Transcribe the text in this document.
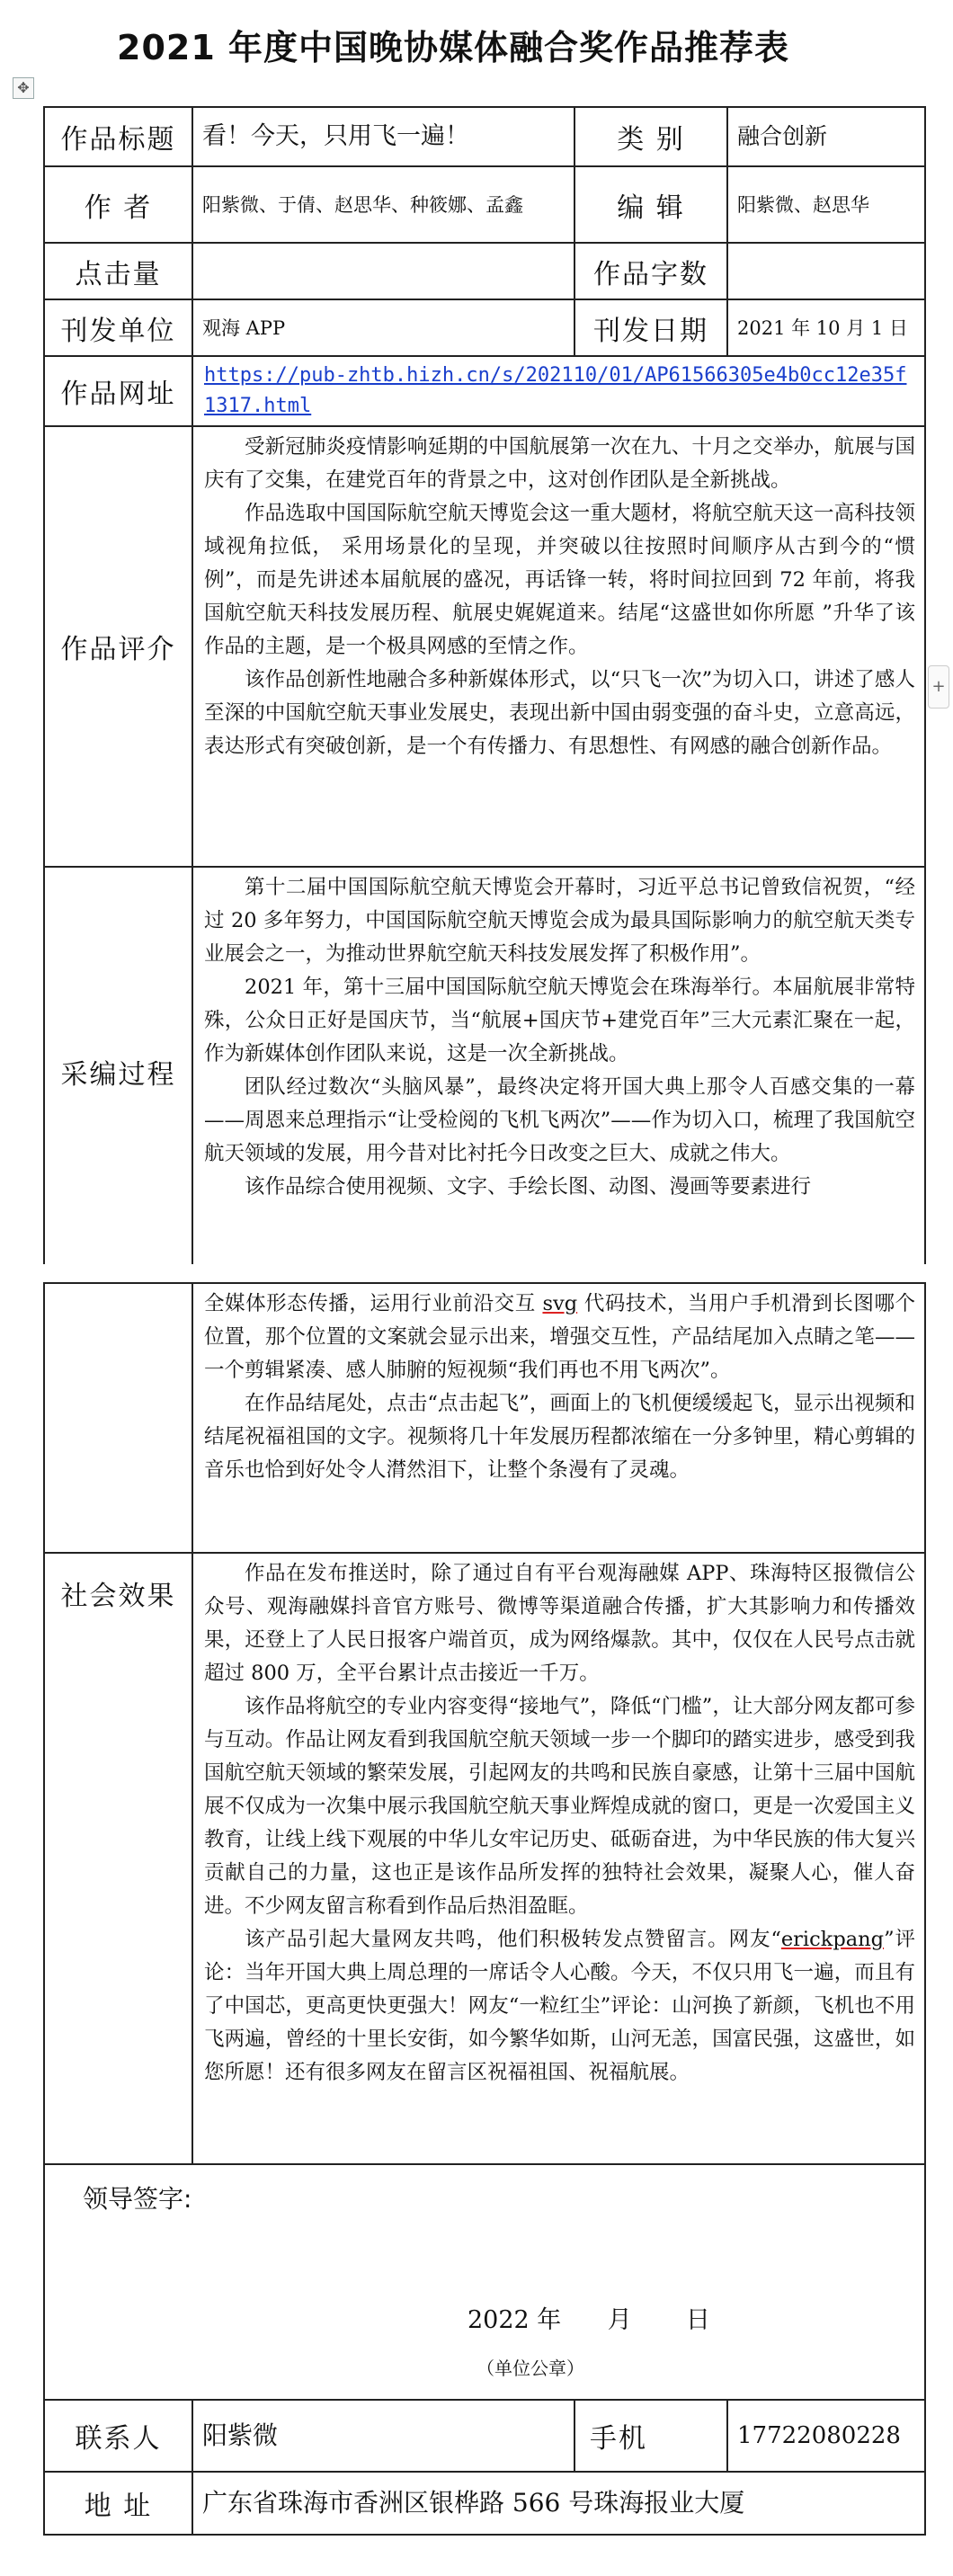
2021 年度中国晚协媒体融合奖作品推荐表
✥
+
作品标题	看！今天，只用飞一遍！	类 别	融合创新
作 者	阳紫微、于倩、赵思华、种筱娜、孟鑫	编 辑	阳紫微、赵思华
点击量		作品字数	
刊发单位	观海 APP	刊发日期	2021 年 10 月 1 日
作品网址	https://pub-zhtb.hizh.cn/s/202110/01/AP61566305e4b0cc12e35f1317.html		
作品评介	受新冠肺炎疫情影响延期的中国航展第一次在九、十月之交举办，航展与国庆有了交集，在建党百年的背景之中，这对创作团队是全新挑战。

作品选取中国国际航空航天博览会这一重大题材，将航空航天这一高科技领域视角拉低， 采用场景化的呈现，并突破以往按照时间顺序从古到今的“惯例”，而是先讲述本届航展的盛况，再话锋一转，将时间拉回到 72 年前，将我国航空航天科技发展历程、航展史娓娓道来。结尾“这盛世如你所愿 ”升华了该作品的主题，是一个极具网感的至情之作。

该作品创新性地融合多种新媒体形式，以“只飞一次”为切入口，讲述了感人至深的中国航空航天事业发展史，表现出新中国由弱变强的奋斗史，立意高远，表达形式有突破创新，是一个有传播力、有思想性、有网感的融合创新作品。		

采编过程	第十二届中国国际航空航天博览会开幕时，习近平总书记曾致信祝贺，“经过 20 多年努力，中国国际航空航天博览会成为最具国际影响力的航空航天类专业展会之一，为推动世界航空航天科技发展发挥了积极作用”。

2021 年，第十三届中国国际航空航天博览会在珠海举行。本届航展非常特殊，公众日正好是国庆节，当“航展+国庆节+建党百年”三大元素汇聚在一起，作为新媒体创作团队来说，这是一次全新挑战。

团队经过数次“头脑风暴”，最终决定将开国大典上那令人百感交集的一幕——周恩来总理指示“让受检阅的飞机飞两次”——作为切入口，梳理了我国航空航天领域的发展，用今昔对比衬托今日改变之巨大、成就之伟大。

该作品综合使用视频、文字、手绘长图、动图、漫画等要素进行		

	全媒体形态传播，运用行业前沿交互 svg 代码技术，当用户手机滑到长图哪个位置，那个位置的文案就会显示出来，增强交互性，产品结尾加入点睛之笔——一个剪辑紧凑、感人肺腑的短视频“我们再也不用飞两次”。

在作品结尾处，点击“点击起飞”，画面上的飞机便缓缓起飞，显示出视频和结尾祝福祖国的文字。视频将几十年发展历程都浓缩在一分多钟里，精心剪辑的音乐也恰到好处令人潸然泪下，让整个条漫有了灵魂。		

社会效果	作品在发布推送时，除了通过自有平台观海融媒 APP、珠海特区报微信公众号、观海融媒抖音官方账号、微博等渠道融合传播，扩大其影响力和传播效果，还登上了人民日报客户端首页，成为网络爆款。其中，仅仅在人民号点击就超过 800 万，全平台累计点击接近一千万。

该作品将航空的专业内容变得“接地气”，降低“门槛”，让大部分网友都可参与互动。作品让网友看到我国航空航天领域一步一个脚印的踏实进步，感受到我国航空航天领域的繁荣发展，引起网友的共鸣和民族自豪感，让第十三届中国航展不仅成为一次集中展示我国航空航天事业辉煌成就的窗口，更是一次爱国主义教育，让线上线下观展的中华儿女牢记历史、砥砺奋进，为中华民族的伟大复兴贡献自己的力量，这也正是该作品所发挥的独特社会效果，凝聚人心，催人奋进。不少网友留言称看到作品后热泪盈眶。

该产品引起大量网友共鸣，他们积极转发点赞留言。网友“erickpang”评论：当年开国大典上周总理的一席话令人心酸。今天，不仅只用飞一遍，而且有了中国芯，更高更快更强大！网友“一粒红尘”评论：山河换了新颜，飞机也不用飞两遍，曾经的十里长安街，如今繁华如斯，山河无恙，国富民强，这盛世，如您所愿！还有很多网友在留言区祝福祖国、祝福航展。		

领导签字:
2022 年      月       日
（单位公章）			

联系人	阳紫微	手机	17722080228
地 址	广东省珠海市香洲区银桦路 566 号珠海报业大厦		
